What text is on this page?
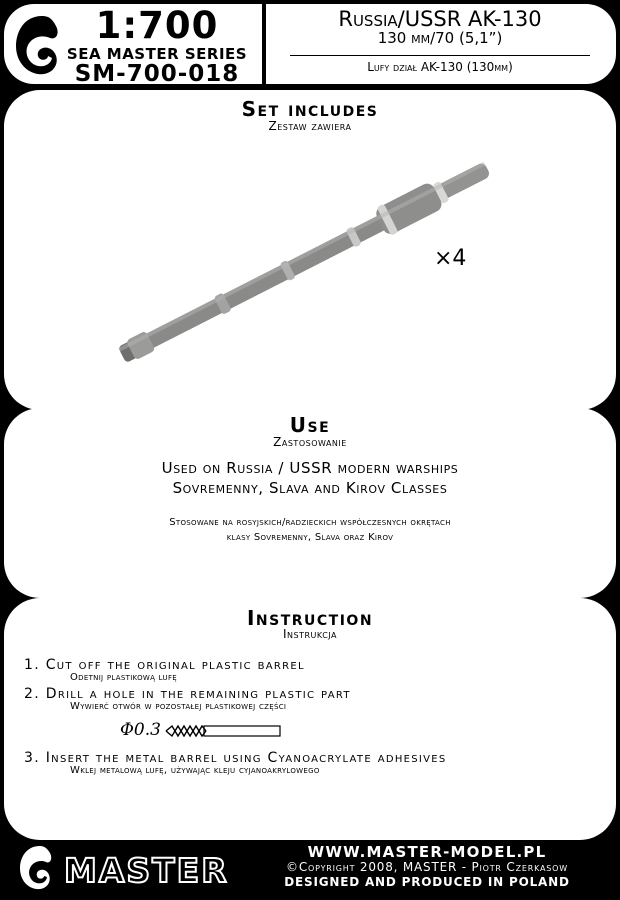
1:700
SEA MASTER SERIES
SM-700-018
Russia/USSR AK-130
130 mm/70 (5,1”)
Lufy dział AK-130 (130mm)
Set includes
Zestaw zawiera
×4
Use
Zastosowanie
Used on Russia / USSR modern warships
Sovremenny, Slava and Kirov Classes
Stosowane na rosyjskich/radzieckich współczesnych okrętach
klasy Sovremenny, Slava oraz Kirov
Instruction
Instrukcja
1. Cut off the original plastic barrel
Odetnij plastikową lufę
2. Drill a hole in the remaining plastic part
Wywierć otwór w pozostałej plastikowej części
Φ0.3
3. Insert the metal barrel using Cyanoacrylate adhesives
Wklej metalową lufę, używając kleju cyjanoakrylowego
MASTER	WWW.MASTER-MODEL.PL
©Copyright 2008, MASTER - Piotr Czerkasow
DESIGNED AND PRODUCED IN POLAND
